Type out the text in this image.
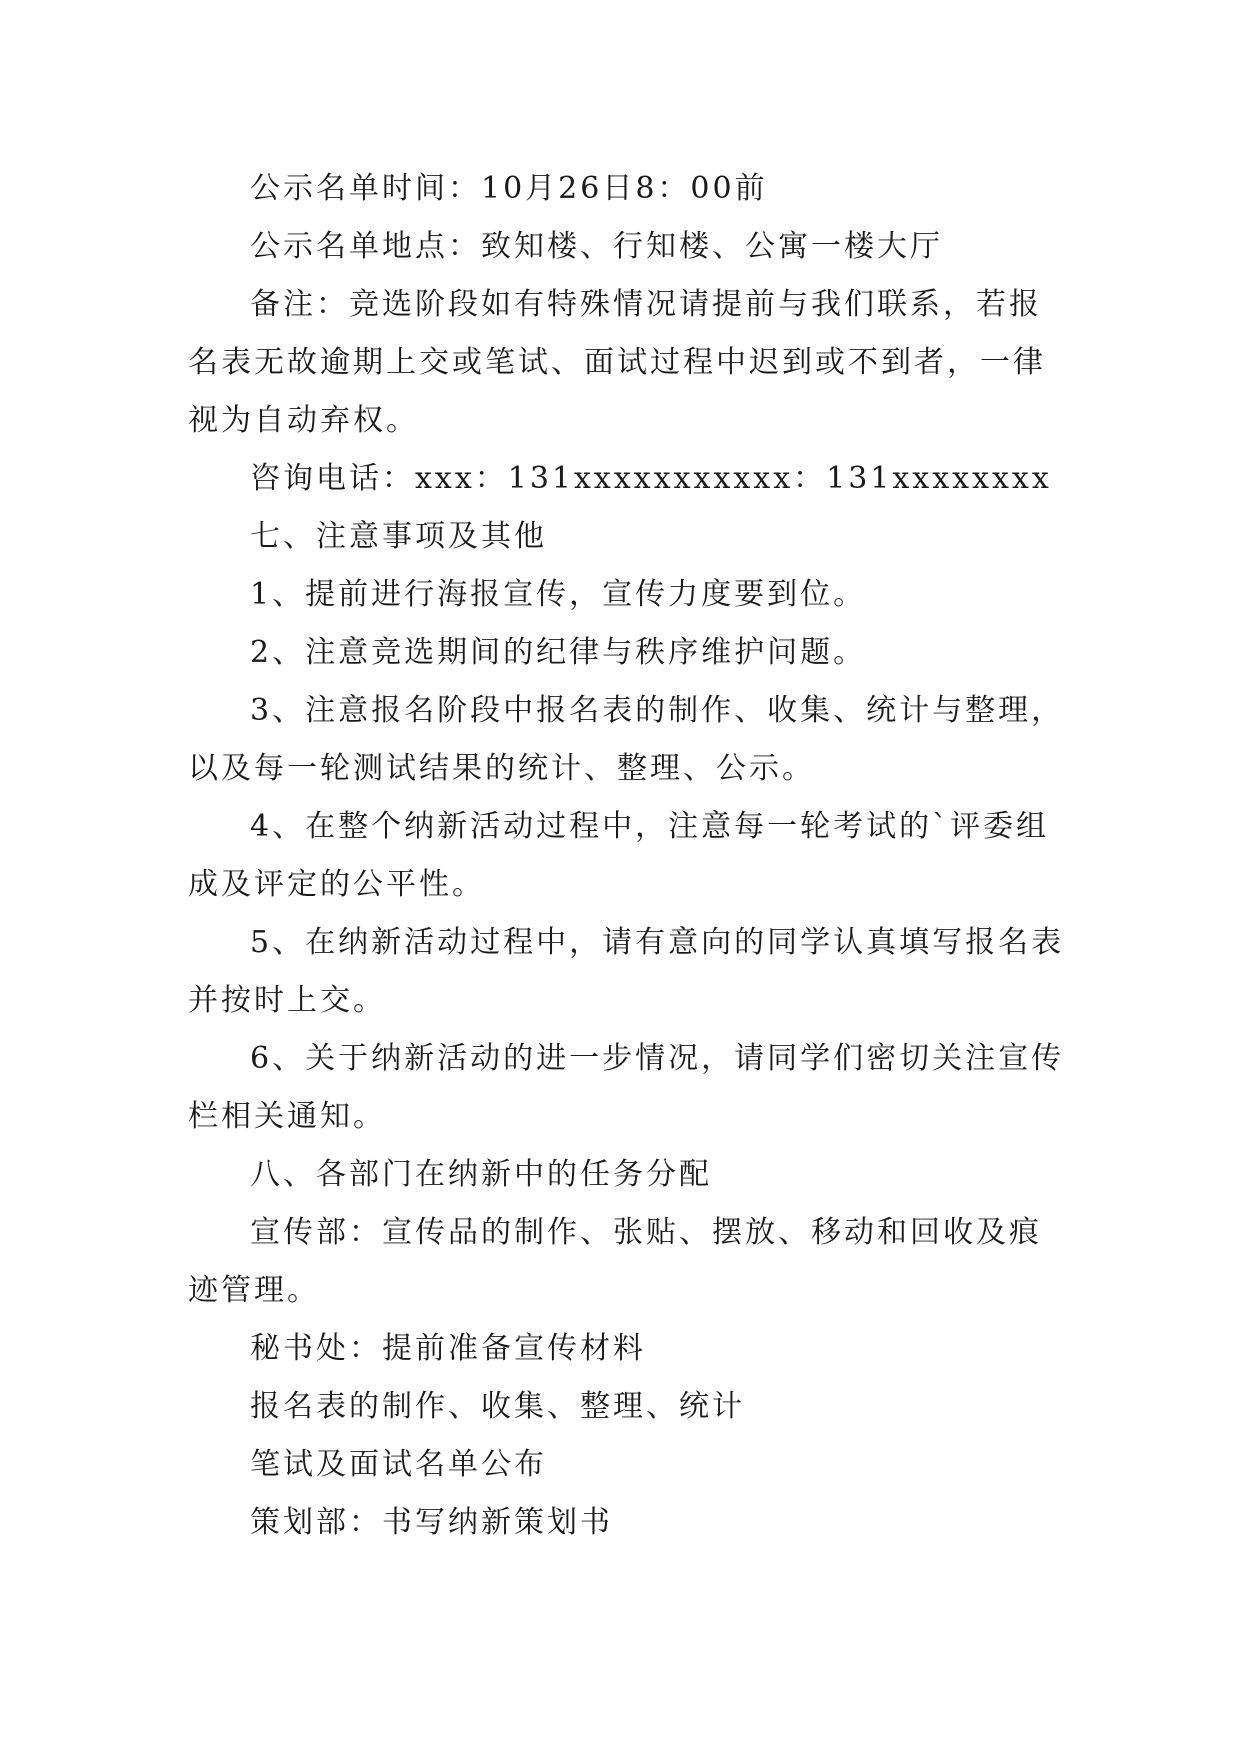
公示名单时间：10月26日8：00前

公示名单地点：致知楼、行知楼、公寓一楼大厅

备注：竞选阶段如有特殊情况请提前与我们联系，若报名表无故逾期上交或笔试、面试过程中迟到或不到者，一律视为自动弃权。

咨询电话：xxx：131xxxxxxxxxxx：131xxxxxxxx

七、注意事项及其他

1、提前进行海报宣传，宣传力度要到位。

2、注意竞选期间的纪律与秩序维护问题。

3、注意报名阶段中报名表的制作、收集、统计与整理，以及每一轮测试结果的统计、整理、公示。

4、在整个纳新活动过程中，注意每一轮考试的`评委组成及评定的公平性。

5、在纳新活动过程中，请有意向的同学认真填写报名表并按时上交。

6、关于纳新活动的进一步情况，请同学们密切关注宣传栏相关通知。

八、各部门在纳新中的任务分配

宣传部：宣传品的制作、张贴、摆放、移动和回收及痕迹管理。

秘书处：提前准备宣传材料

报名表的制作、收集、整理、统计

笔试及面试名单公布

策划部：书写纳新策划书
